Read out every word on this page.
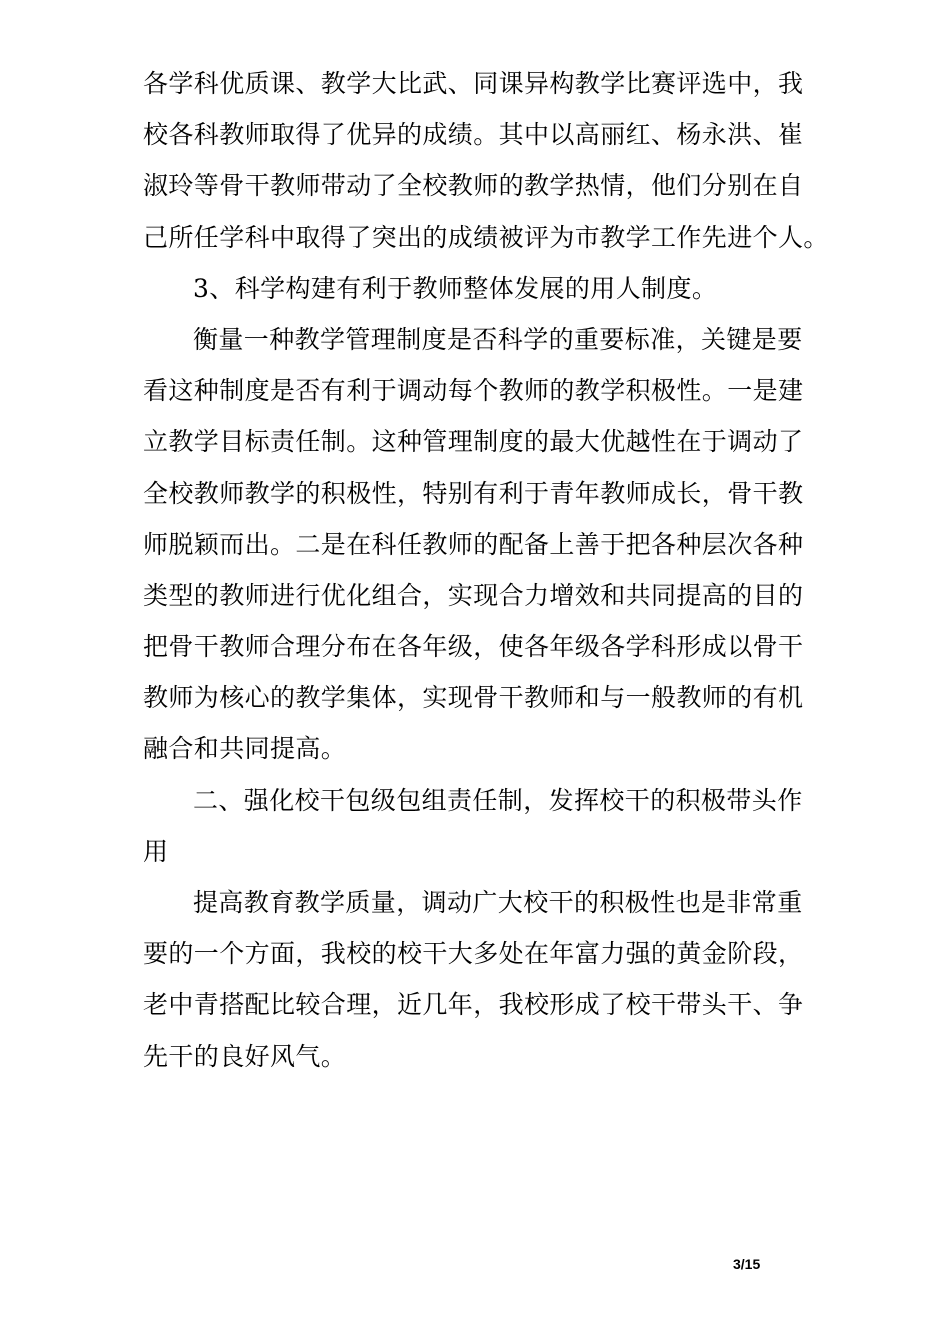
各学科优质课、教学大比武、同课异构教学比赛评选中，我
校各科教师取得了优异的成绩。其中以高丽红、杨永洪、崔
淑玲等骨干教师带动了全校教师的教学热情，他们分别在自
己所任学科中取得了突出的成绩被评为市教学工作先进个人。
3、科学构建有利于教师整体发展的用人制度。
衡量一种教学管理制度是否科学的重要标准，关键是要
看这种制度是否有利于调动每个教师的教学积极性。一是建
立教学目标责任制。这种管理制度的最大优越性在于调动了
全校教师教学的积极性，特别有利于青年教师成长，骨干教
师脱颖而出。二是在科任教师的配备上善于把各种层次各种
类型的教师进行优化组合，实现合力增效和共同提高的目的
把骨干教师合理分布在各年级，使各年级各学科形成以骨干
教师为核心的教学集体，实现骨干教师和与一般教师的有机
融合和共同提高。
二、强化校干包级包组责任制，发挥校干的积极带头作
用
提高教育教学质量，调动广大校干的积极性也是非常重
要的一个方面，我校的校干大多处在年富力强的黄金阶段，
老中青搭配比较合理，近几年，我校形成了校干带头干、争
先干的良好风气。
3/15
